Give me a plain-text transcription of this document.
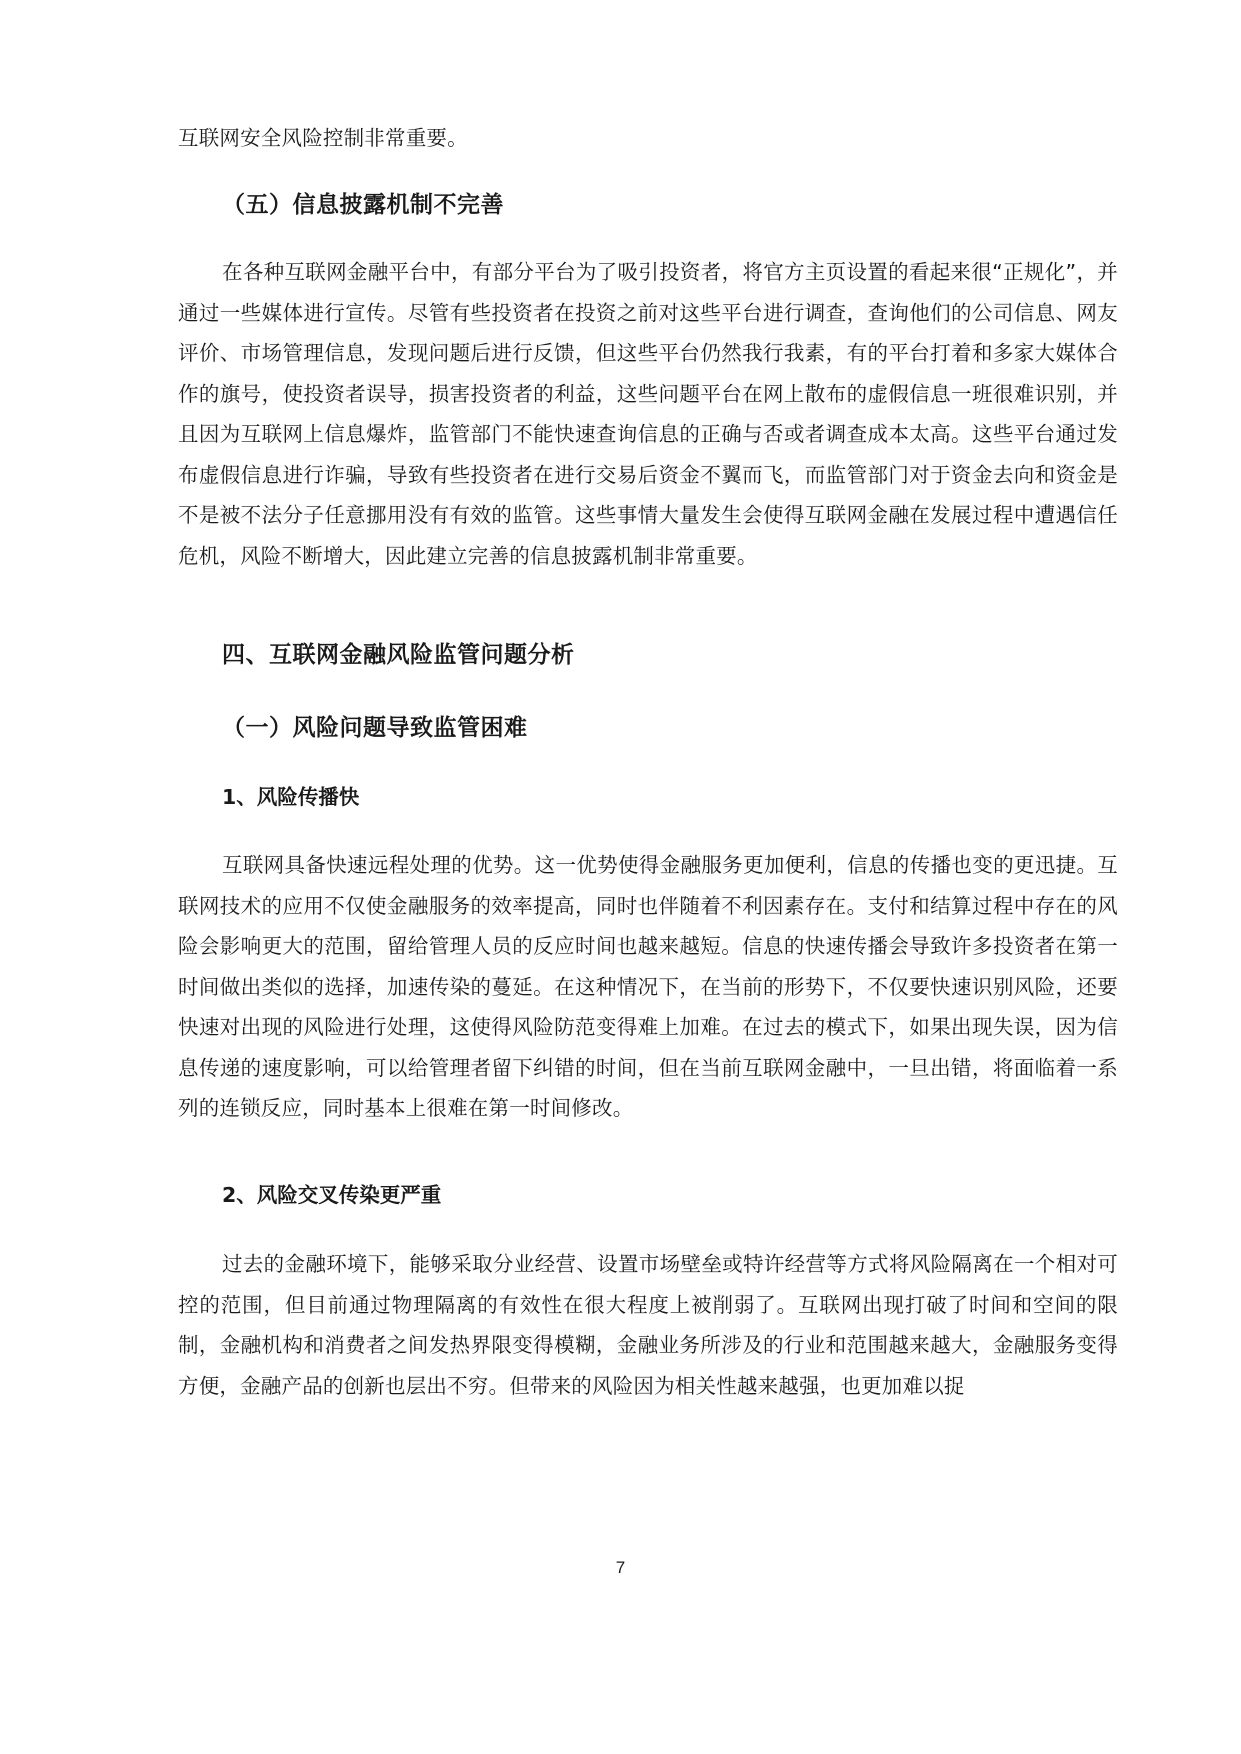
互联网安全风险控制非常重要。

（五）信息披露机制不完善

在各种互联网金融平台中，有部分平台为了吸引投资者，将官方主页设置的看起来很“正规化”，并通过一些媒体进行宣传。尽管有些投资者在投资之前对这些平台进行调查，查询他们的公司信息、网友评价、市场管理信息，发现问题后进行反馈，但这些平台仍然我行我素，有的平台打着和多家大媒体合作的旗号，使投资者误导，损害投资者的利益，这些问题平台在网上散布的虚假信息一班很难识别，并且因为互联网上信息爆炸，监管部门不能快速查询信息的正确与否或者调查成本太高。这些平台通过发布虚假信息进行诈骗，导致有些投资者在进行交易后资金不翼而飞，而监管部门对于资金去向和资金是不是被不法分子任意挪用没有有效的监管。这些事情大量发生会使得互联网金融在发展过程中遭遇信任危机，风险不断增大，因此建立完善的信息披露机制非常重要。

四、互联网金融风险监管问题分析
（一）风险问题导致监管困难
1、风险传播快

互联网具备快速远程处理的优势。这一优势使得金融服务更加便利，信息的传播也变的更迅捷。互联网技术的应用不仅使金融服务的效率提高，同时也伴随着不利因素存在。支付和结算过程中存在的风险会影响更大的范围，留给管理人员的反应时间也越来越短。信息的快速传播会导致许多投资者在第一时间做出类似的选择，加速传染的蔓延。在这种情况下，在当前的形势下，不仅要快速识别风险，还要快速对出现的风险进行处理，这使得风险防范变得难上加难。在过去的模式下，如果出现失误，因为信息传递的速度影响，可以给管理者留下纠错的时间，但在当前互联网金融中，一旦出错，将面临着一系列的连锁反应，同时基本上很难在第一时间修改。

2、风险交叉传染更严重

过去的金融环境下，能够采取分业经营、设置市场壁垒或特许经营等方式将风险隔离在一个相对可控的范围，但目前通过物理隔离的有效性在很大程度上被削弱了。互联网出现打破了时间和空间的限制，金融机构和消费者之间发热界限变得模糊，金融业务所涉及的行业和范围越来越大，金融服务变得方便，金融产品的创新也层出不穷。但带来的风险因为相关性越来越强，也更加难以捉

7
